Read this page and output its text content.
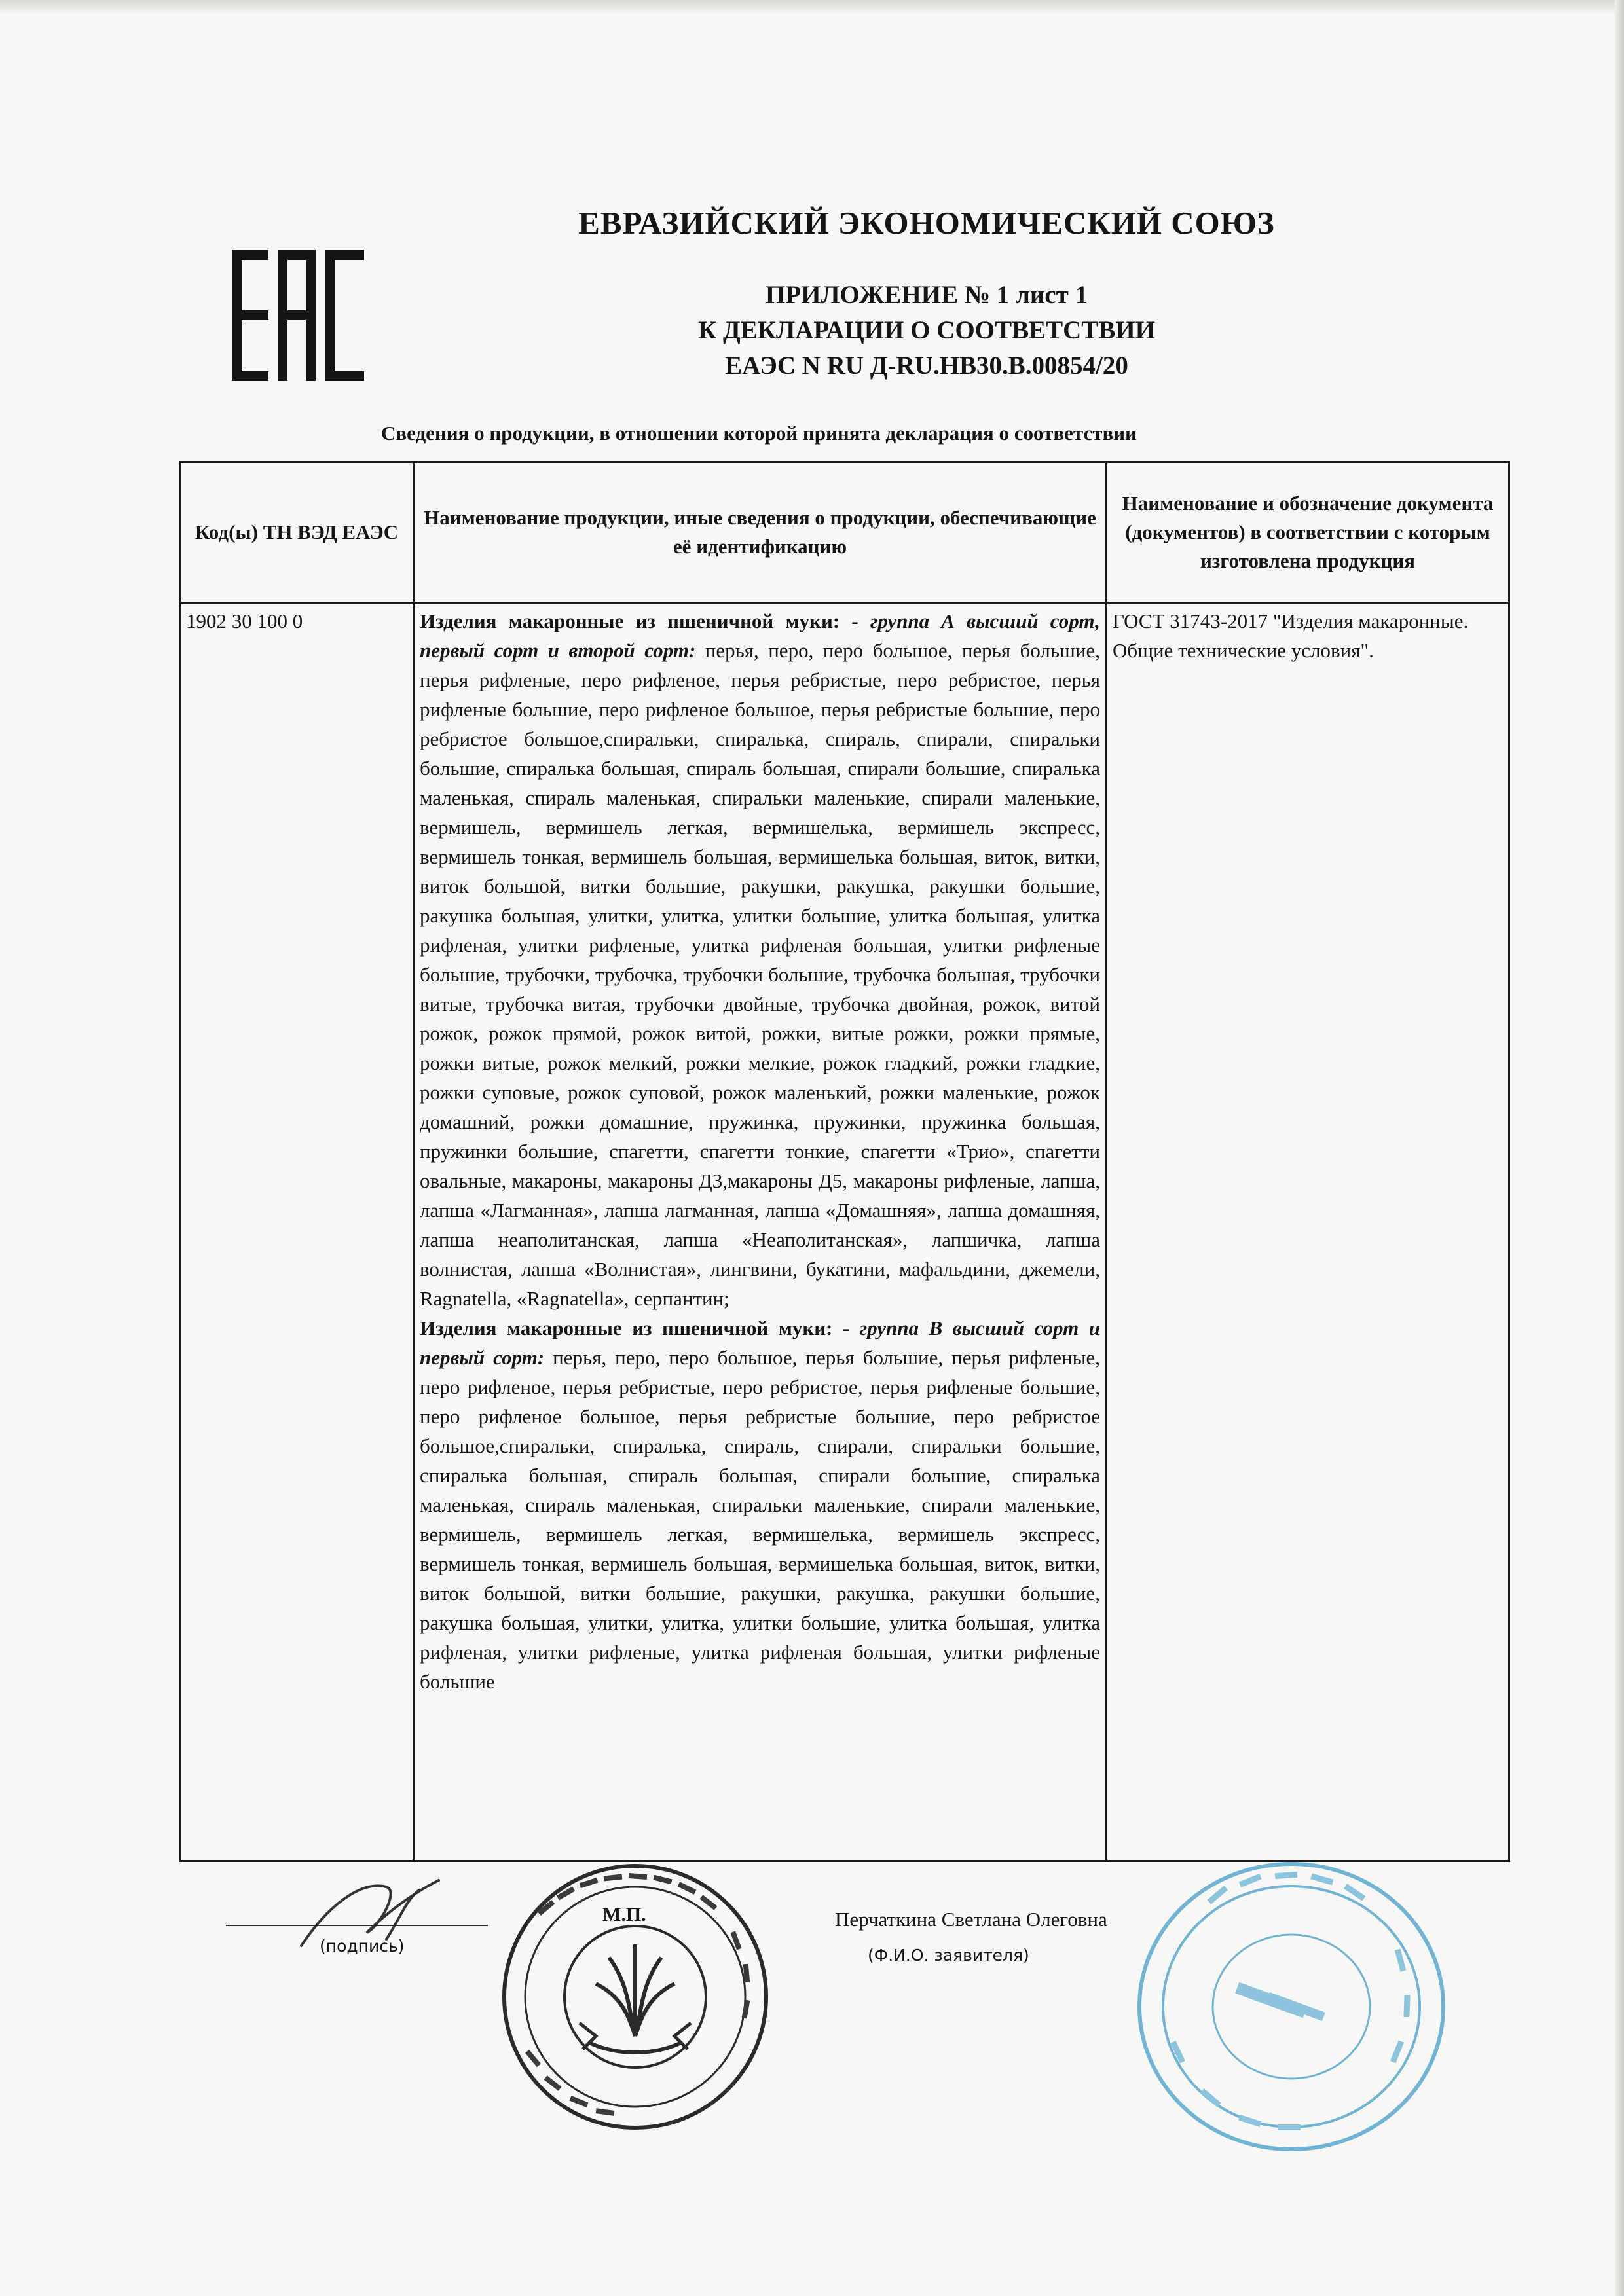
ЕВРАЗИЙСКИЙ ЭКОНОМИЧЕСКИЙ СОЮЗ
ПРИЛОЖЕНИЕ № 1 лист 1
К ДЕКЛАРАЦИИ О СООТВЕТСТВИИ
ЕАЭС N RU Д-RU.НВ30.В.00854/20

Сведения о продукции, в отношении которой принята декларация о соответствии

Код(ы) ТН ВЭД ЕАЭС	Наименование продукции, иные сведения о продукции, обеспечивающие её идентификацию	Наименование и обозначение документа (документов) в соответствии с которым изготовлена продукция
1902 30 100 0	Изделия макаронные из пшеничной муки: - группа А высший сорт, первый сорт и второй сорт: перья, перо, перо большое, перья большие, перья рифленые, перо рифленое, перья ребристые, перо ребристое, перья рифленые большие, перо рифленое большое, перья ребристые большие, перо ребристое большое,спиральки, спиралька, спираль, спирали, спиральки большие, спиралька большая, спираль большая, спирали большие, спиралька маленькая, спираль маленькая, спиральки маленькие, спирали маленькие, вермишель, вермишель легкая, вермишелька, вермишель экспресс, вермишель тонкая, вермишель большая, вермишелька большая, виток, витки, виток большой, витки большие, ракушки, ракушка, ракушки большие, ракушка большая, улитки, улитка, улитки большие, улитка большая, улитка рифленая, улитки рифленые, улитка рифленая большая, улитки рифленые большие, трубочки, трубочка, трубочки большие, трубочка большая, трубочки витые, трубочка витая, трубочки двойные, трубочка двойная, рожок, витой рожок, рожок прямой, рожок витой, рожки, витые рожки, рожки прямые, рожки витые, рожок мелкий, рожки мелкие, рожок гладкий, рожки гладкие, рожки суповые, рожок суповой, рожок маленький, рожки маленькие, рожок домашний, рожки домашние, пружинка, пружинки, пружинка большая, пружинки большие, спагетти, спагетти тонкие, спагетти «Трио», спагетти овальные, макароны, макароны Д3,макароны Д5, макароны рифленые, лапша, лапша «Лагманная», лапша лагманная, лапша «Домашняя», лапша домашняя, лапша неаполитанская, лапша «Неаполитанская», лапшичка, лапша волнистая, лапша «Волнистая», лингвини, букатини, мафальдини, джемели, Ragnatella, «Ragnatella», серпантин;
Изделия макаронные из пшеничной муки: - группа В высший сорт и первый сорт: перья, перо, перо большое, перья большие, перья рифленые, перо рифленое, перья ребристые, перо ребристое, перья рифленые большие, перо рифленое большое, перья ребристые большие, перо ребристое большое,спиральки, спиралька, спираль, спирали, спиральки большие, спиралька большая, спираль большая, спирали большие, спиралька маленькая, спираль маленькая, спиральки маленькие, спирали маленькие, вермишель, вермишель легкая, вермишелька, вермишель экспресс, вермишель тонкая, вермишель большая, вермишелька большая, виток, витки, виток большой, витки большие, ракушки, ракушка, ракушки большие, ракушка большая, улитки, улитка, улитки большие, улитка большая, улитка рифленая, улитки рифленые, улитка рифленая большая, улитки рифленые большие	ГОСТ 31743-2017 "Изделия макаронные. Общие технические условия".
(подпись)
М.П.	Перчаткина Светлана Олеговна
(Ф.И.О. заявителя)
